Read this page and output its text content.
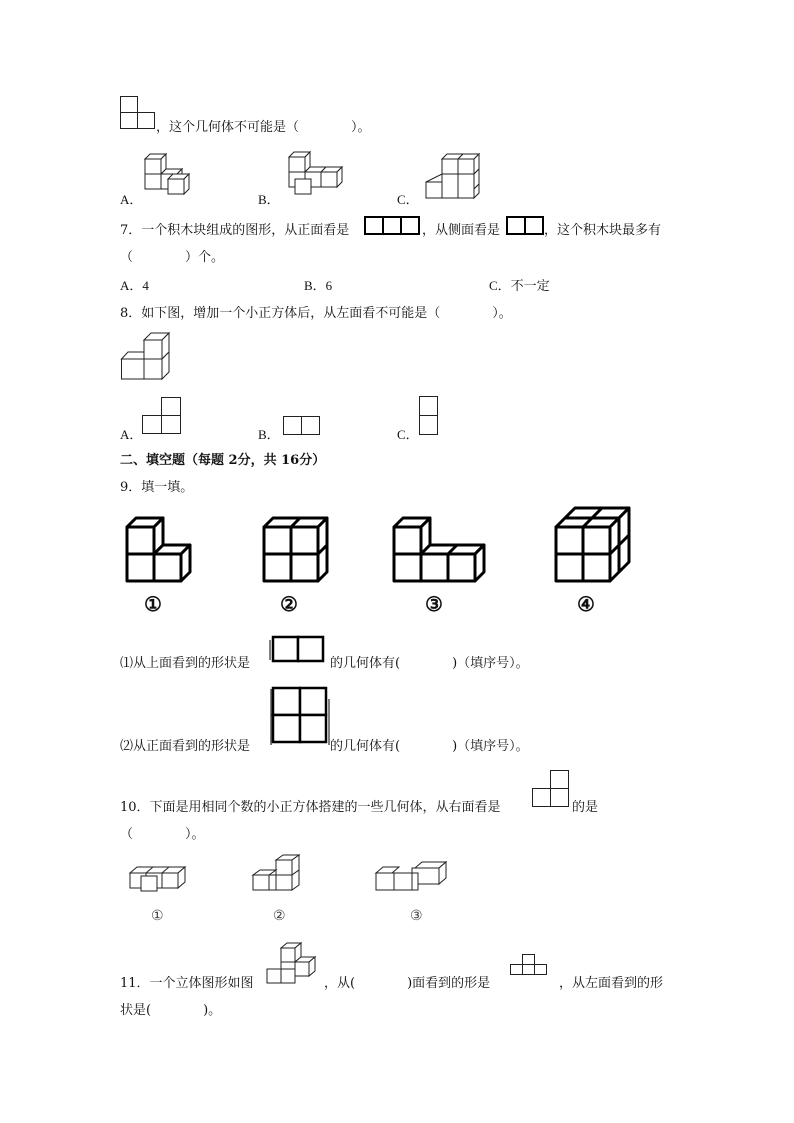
，这个几何体不可能是（　　　　）。
A．	B．	C．
7．一个积木块组成的图形，从正面看是	，从侧面看是	，这个积木块最多有
（　　　　）个。
A．4	B．6	C．不一定
8．如下图，增加一个小正方体后，从左面看不可能是（　　　　）。
A．	B．	C．
二、填空题（每题 2分，共 16分）
9．填一填。
①	②	③	④
⑴从上面看到的形状是	的几何体有(　　　　)（填序号）。
⑵从正面看到的形状是	的几何体有(　　　　)（填序号）。
10．下面是用相同个数的小正方体搭建的一些几何体，从右面看是	的是
（　　　　）。
①	②	③
11．一个立体图形如图	，从(　　　　)面看到的形是	，从左面看到的形
状是(　　　　)。
